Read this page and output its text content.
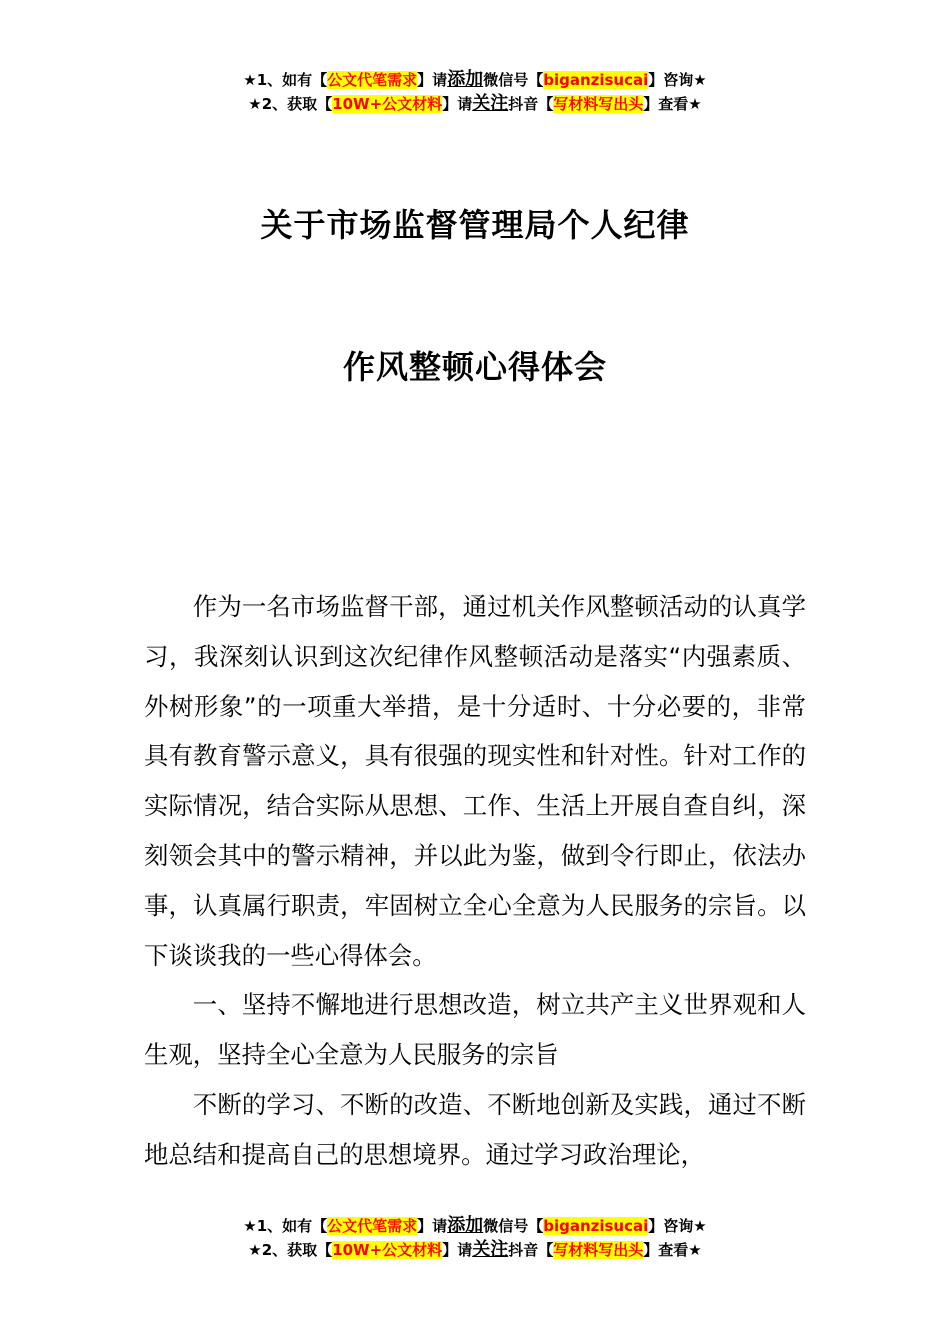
★1、如有【公文代笔需求】请添加微信号【biganzisucai】咨询★
★2、获取【10W+公文材料】请关注抖音【写材料写出头】查看★
关于市场监督管理局个人纪律
作风整顿心得体会

作为一名市场监督干部，通过机关作风整顿活动的认真学习，我深刻认识到这次纪律作风整顿活动是落实“内强素质、外树形象”的一项重大举措，是十分适时、十分必要的，非常具有教育警示意义，具有很强的现实性和针对性。针对工作的实际情况，结合实际从思想、工作、生活上开展自查自纠，深刻领会其中的警示精神，并以此为鉴，做到令行即止，依法办事，认真属行职责，牢固树立全心全意为人民服务的宗旨。以下谈谈我的一些心得体会。

一、坚持不懈地进行思想改造，树立共产主义世界观和人生观，坚持全心全意为人民服务的宗旨

不断的学习、不断的改造、不断地创新及实践，通过不断地总结和提高自己的思想境界。通过学习政治理论，

★1、如有【公文代笔需求】请添加微信号【biganzisucai】咨询★
★2、获取【10W+公文材料】请关注抖音【写材料写出头】查看★
